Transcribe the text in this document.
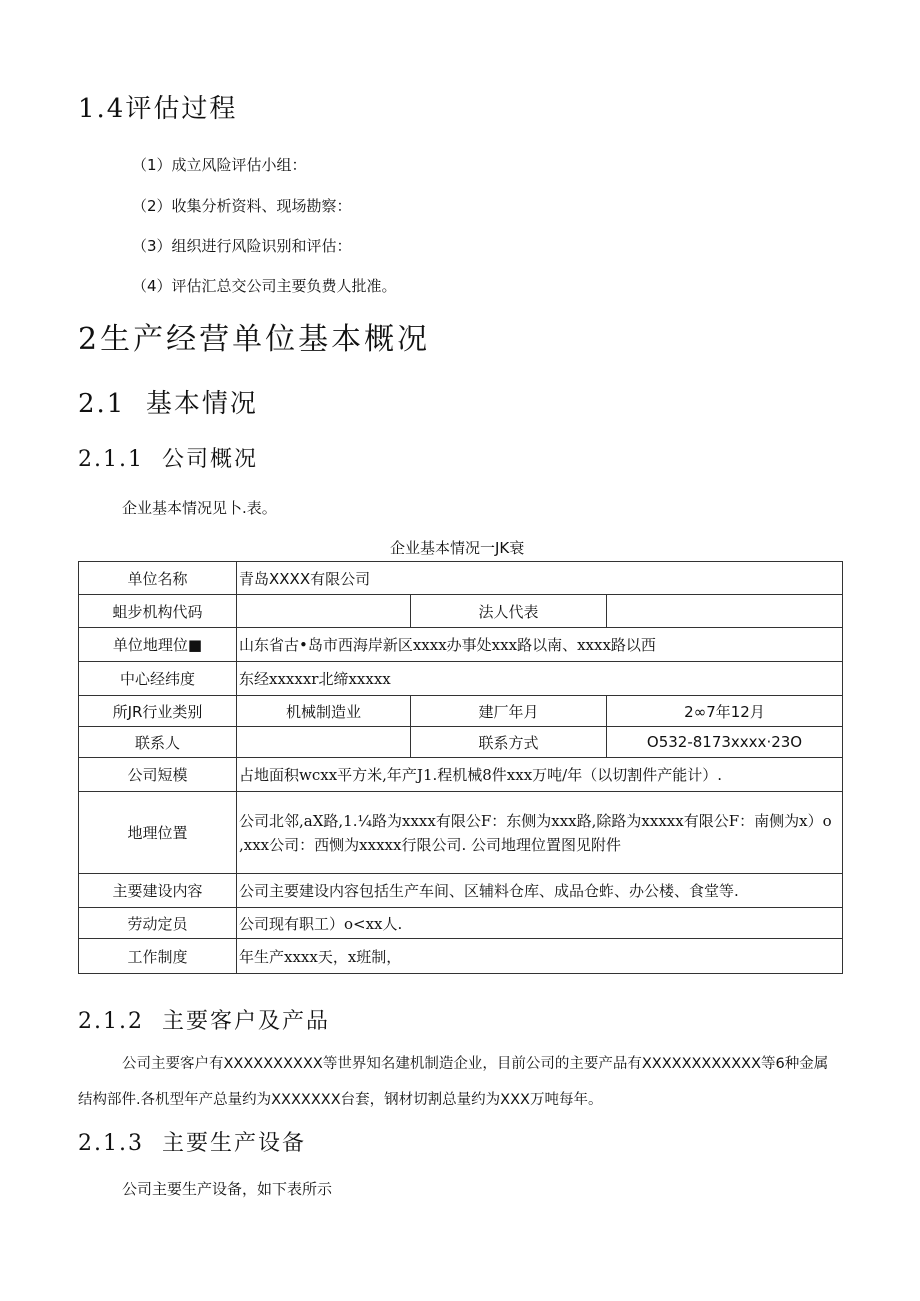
1.4评估过程
（1）成立风险评估小组：
（2）收集分析资料、现场勘察：
（3）组织进行风险识别和评估：
（4）评估汇总交公司主要负费人批准。
2生产经营单位基本概况
2.1  基本情况
2.1.1  公司概况
企业基本情况见卜.表。
企业基本情况一JK衰
单位名称	青岛XXXX有限公司		
蛆步机构代码		法人代表	
单位地理位■	山东省古•岛市西海岸新区xxxx办事处xxx路以南、xxxx路以西		
中心经纬度	东经xxxxxr北缔xxxxx		
所JR行业类别	机械制造业	建厂年月	2∞7年12月
联系人		联系方式	O532-8173xxxx·23O
公司短模	占地面积wcxx平方米,年产J1.程机械8件xxx万吨/年（以切割件产能计）.		
地理位置	公司北邻,aX路,1.¼路为xxxx有限公F：东侧为xxx路,除路为xxxxx有限公F：南侧为x）o ,xxx公司：西恻为xxxxx行限公司. 公司地理位置图见附件		
主要建设内容	公司主要建设内容包括生产车间、区辅料仓库、成品仓蚱、办公楼、食堂等.		
劳动定员	公司现有职工）o<xx人.		
工作制度	年生产xxxx天，x班制，		
2.1.2  主要客户及产品
公司主要客户有XXXXXXXXXX等世界知名建机制造企业，目前公司的主要产品有XXXXXXXXXXXX等6种金属
结构部件.各机型年产总量约为XXXXXXX台套，钢材切割总量约为XXX万吨每年。
2.1.3  主要生产设备
公司主要生产设备，如下表所示
